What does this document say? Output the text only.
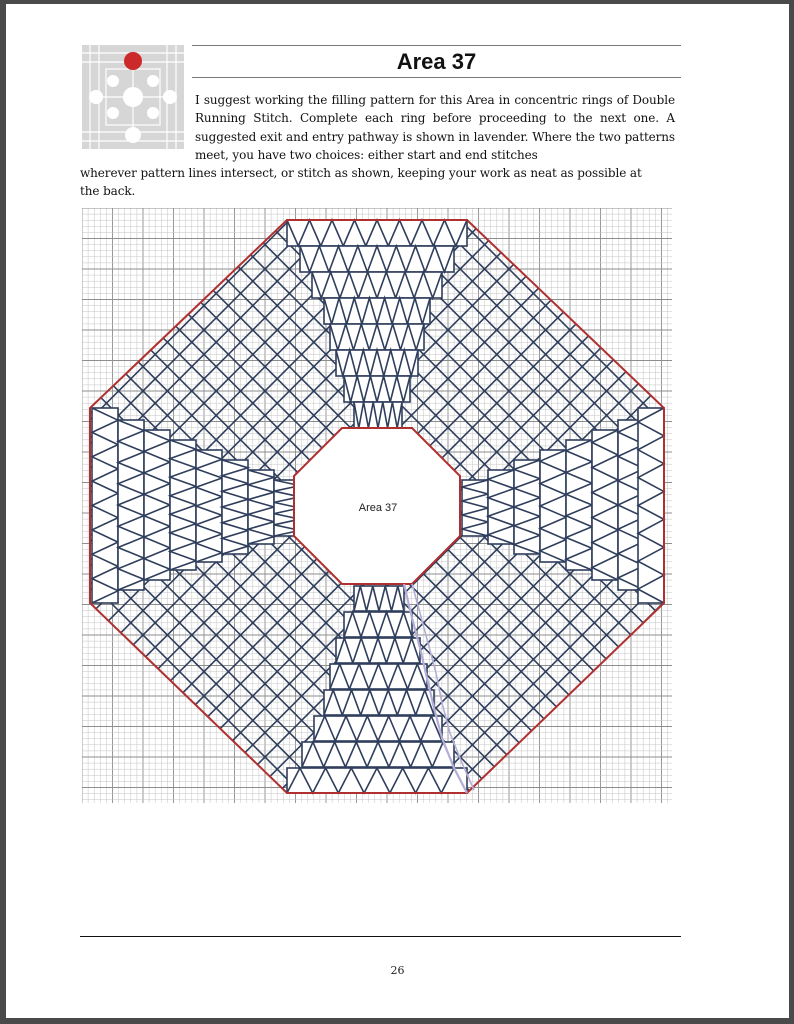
Area 37
I suggest working the filling pattern for this Area in concentric rings of Double Running Stitch. Complete each ring before proceeding to the next one. A suggested exit and entry pathway is shown in lavender. Where the two patterns meet, you have two choices: either start and end stitches
wherever pattern lines intersect, or stitch as shown, keeping your work as neat as possible at
the back.
Area 37
26
